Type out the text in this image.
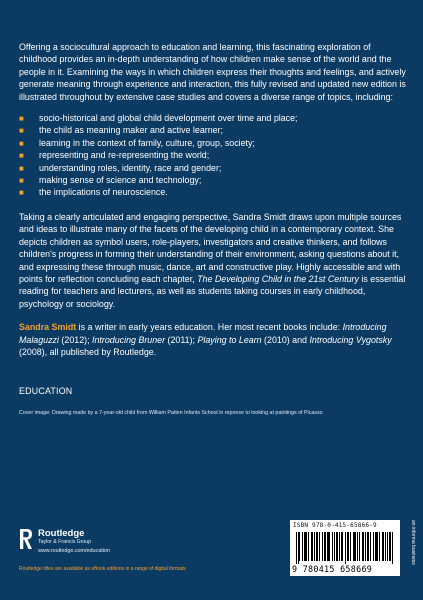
Offering a sociocultural approach to education and learning, this fascinating exploration of childhood provides an in-depth understanding of how children make sense of the world and the people in it. Examining the ways in which children express their thoughts and feelings, and actively generate meaning through experience and interaction, this fully revised and updated new edition is illustrated throughout by extensive case studies and covers a diverse range of topics, including:

■ socio-historical and global child development over time and place;
■ the child as meaning maker and active learner;
■ learning in the context of family, culture, group, society;
■ representing and re-representing the world;
■ understanding roles, identity, race and gender;
■ making sense of science and technology;
■ the implications of neuroscience.

Taking a clearly articulated and engaging perspective, Sandra Smidt draws upon multiple sources and ideas to illustrate many of the facets of the developing child in a contemporary context. She depicts children as symbol users, role-players, investigators and creative thinkers, and follows children's progress in forming their understanding of their environment, asking questions about it, and expressing these through music, dance, art and constructive play. Highly accessible and with points for reflection concluding each chapter, The Developing Child in the 21st Century is essential reading for teachers and lecturers, as well as students taking courses in early childhood, psychology or sociology.

Sandra Smidt is a writer in early years education. Her most recent books include: Introducing Malaguzzi (2012); Introducing Bruner (2011); Playing to Learn (2010) and Introducing Vygotsky (2008), all published by Routledge.

EDUCATION
Cover image: Drawing made by a 7-year-old child from William Patten Infants School in reponse to looking at paintings of Picasso
Routledge
Taylor & Francis Group
www.routledge.com/education
Routledge titles are available as eBook editions in a range of digital formats
ISBN 978-0-415-65866-9
9 780415 658669
an informa business
